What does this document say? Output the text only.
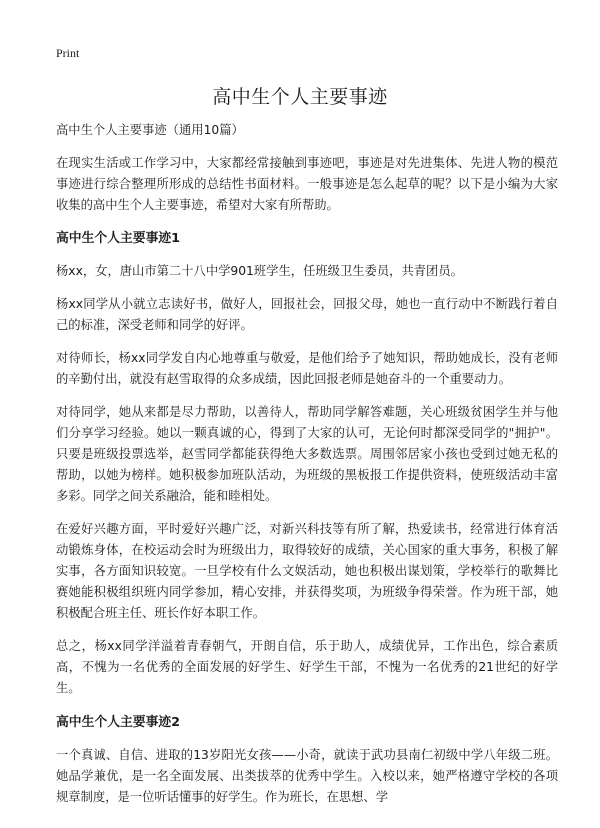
Print
高中生个人主要事迹

高中生个人主要事迹（通用10篇）

在现实生活或工作学习中，大家都经常接触到事迹吧，事迹是对先进集体、先进人物的模范事迹进行综合整理所形成的总结性书面材料。一般事迹是怎么起草的呢？以下是小编为大家收集的高中生个人主要事迹，希望对大家有所帮助。

高中生个人主要事迹1

杨xx，女，唐山市第二十八中学901班学生，任班级卫生委员，共青团员。

杨xx同学从小就立志读好书，做好人，回报社会，回报父母，她也一直行动中不断践行着自己的标准，深受老师和同学的好评。

对待师长，杨xx同学发自内心地尊重与敬爱，是他们给予了她知识，帮助她成长，没有老师的辛勤付出，就没有赵雪取得的众多成绩，因此回报老师是她奋斗的一个重要动力。

对待同学，她从来都是尽力帮助，以善待人，帮助同学解答难题，关心班级贫困学生并与他们分享学习经验。她以一颗真诚的心，得到了大家的认可，无论何时都深受同学的"拥护"。只要是班级投票选举，赵雪同学都能获得绝大多数选票。周围邻居家小孩也受到过她无私的帮助，以她为榜样。她积极参加班队活动，为班级的黑板报工作提供资料，使班级活动丰富多彩。同学之间关系融洽，能和睦相处。

在爱好兴趣方面，平时爱好兴趣广泛，对新兴科技等有所了解，热爱读书，经常进行体育活动锻炼身体，在校运动会时为班级出力，取得较好的成绩，关心国家的重大事务，积极了解实事，各方面知识较宽。一旦学校有什么文娱活动，她也积极出谋划策，学校举行的歌舞比赛她能积极组织班内同学参加，精心安排，并获得奖项，为班级争得荣誉。作为班干部，她积极配合班主任、班长作好本职工作。

总之，杨xx同学洋溢着青春朝气，开朗自信，乐于助人，成绩优异，工作出色，综合素质高，不愧为一名优秀的全面发展的好学生、好学生干部，不愧为一名优秀的21世纪的好学生。

高中生个人主要事迹2

一个真诚、自信、进取的13岁阳光女孩——小奇，就读于武功县南仁初级中学八年级二班。她品学兼优，是一名全面发展、出类拔萃的优秀中学生。入校以来，她严格遵守学校的各项规章制度，是一位听话懂事的好学生。作为班长，在思想、学
